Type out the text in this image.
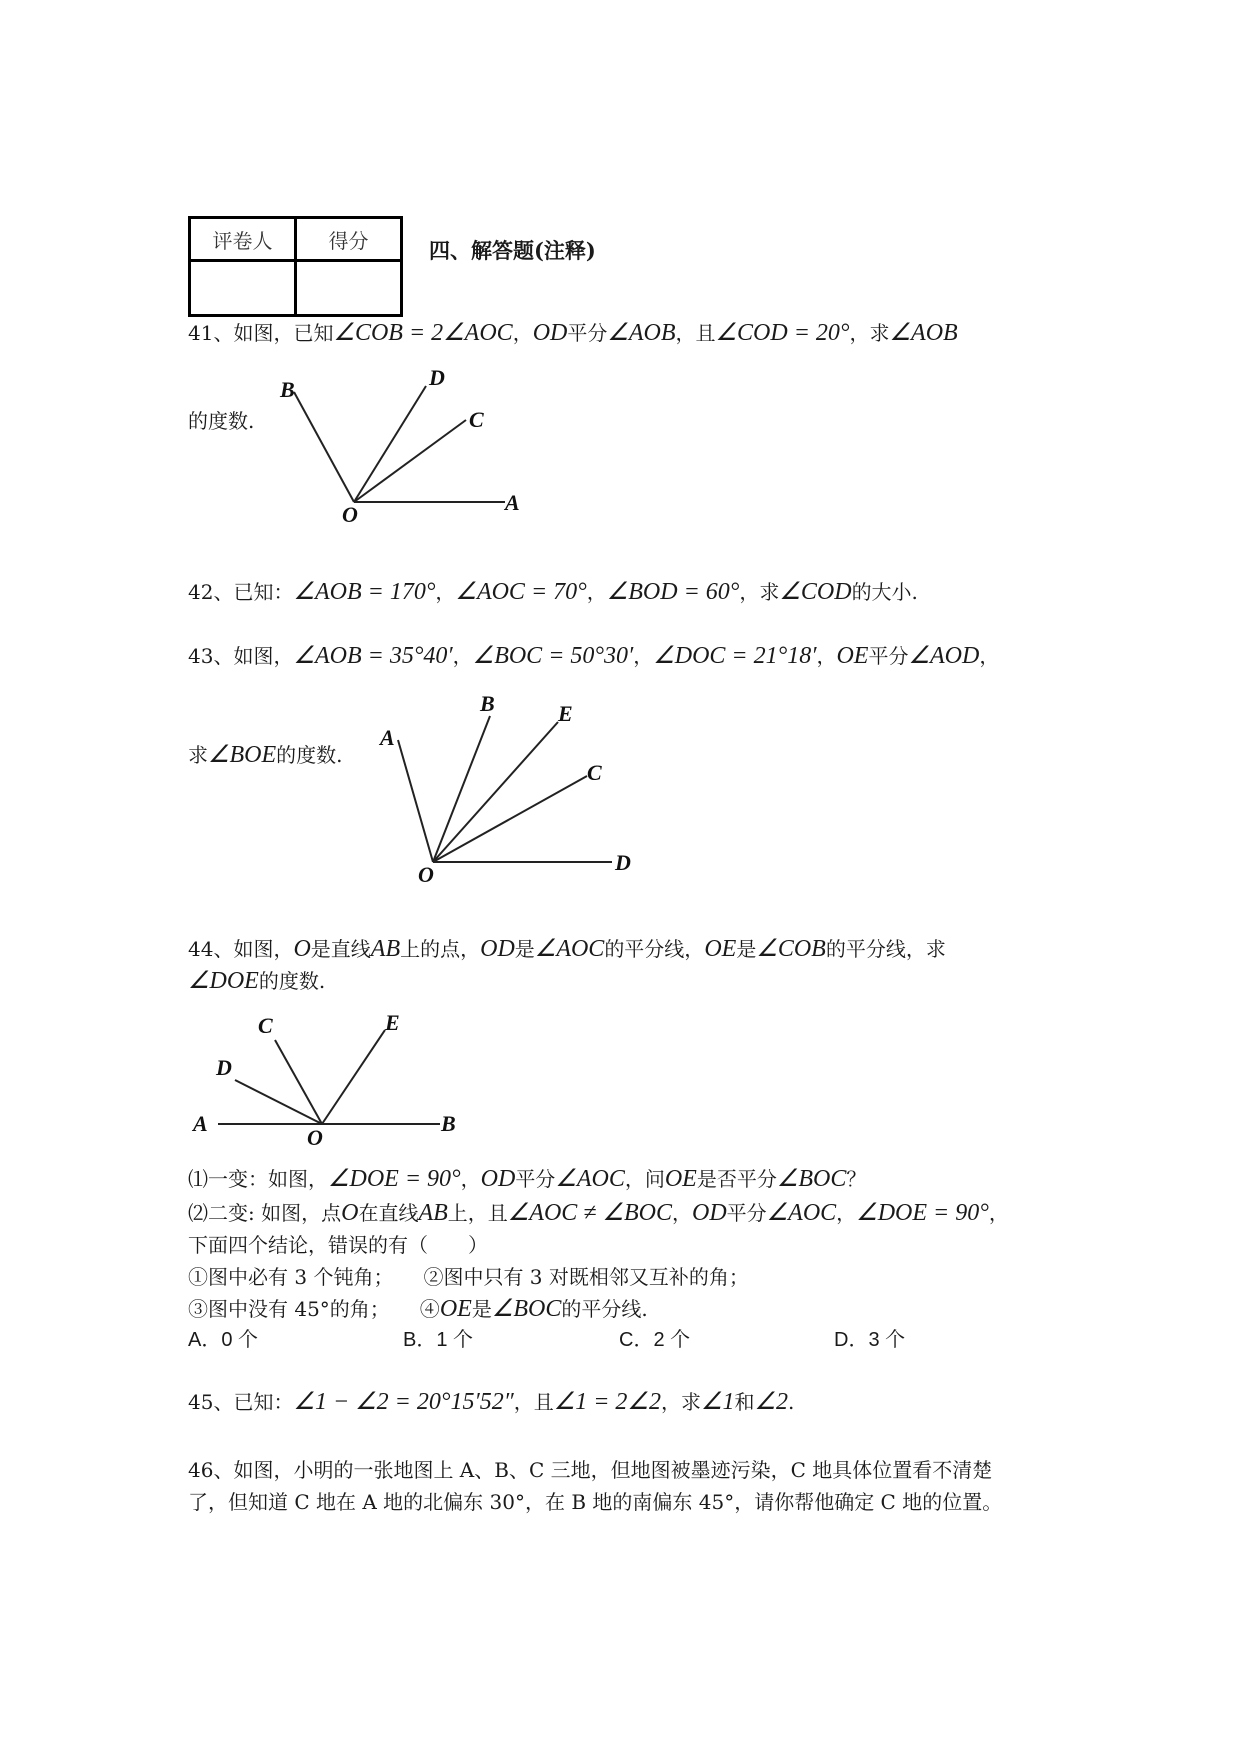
评卷人	得分
		四、解答题(注释)
41、如图，已知∠COB = 2∠AOC，OD平分∠AOB，且∠COD = 20°，求∠AOB
的度数.
B	D
C
O	A
42、已知：∠AOB = 170°，∠AOC = 70°，∠BOD = 60°，求∠COD的大小.
43、如图，∠AOB = 35°40′，∠BOC = 50°30′，∠DOC = 21°18′，OE平分∠AOD，
求∠BOE的度数.
A
B	E
C
O	D
44、如图，O是直线AB上的点，OD是∠AOC的平分线，OE是∠COB的平分线，求
∠DOE的度数.
C	E
D
A
O
B
⑴一变：如图，∠DOE = 90°，OD平分∠AOC，问OE是否平分∠BOC？
⑵二变: 如图，点O在直线AB上，且∠AOC ≠ ∠BOC，OD平分∠AOC，∠DOE = 90°，
下面四个结论，错误的有（　　）
①图中必有 3 个钝角；　　②图中只有 3 对既相邻又互补的角；
③图中没有 45°的角；　　④OE是∠BOC的平分线.
A．0 个	B．1 个	C．2 个	D．3 个
45、已知：∠1 − ∠2 = 20°15′52″，且∠1 = 2∠2，求∠1和∠2.
46、如图，小明的一张地图上 A、B、C 三地，但地图被墨迹污染，C 地具体位置看不清楚
了，但知道 C 地在 A 地的北偏东 30°，在 B 地的南偏东 45°，请你帮他确定 C 地的位置。
